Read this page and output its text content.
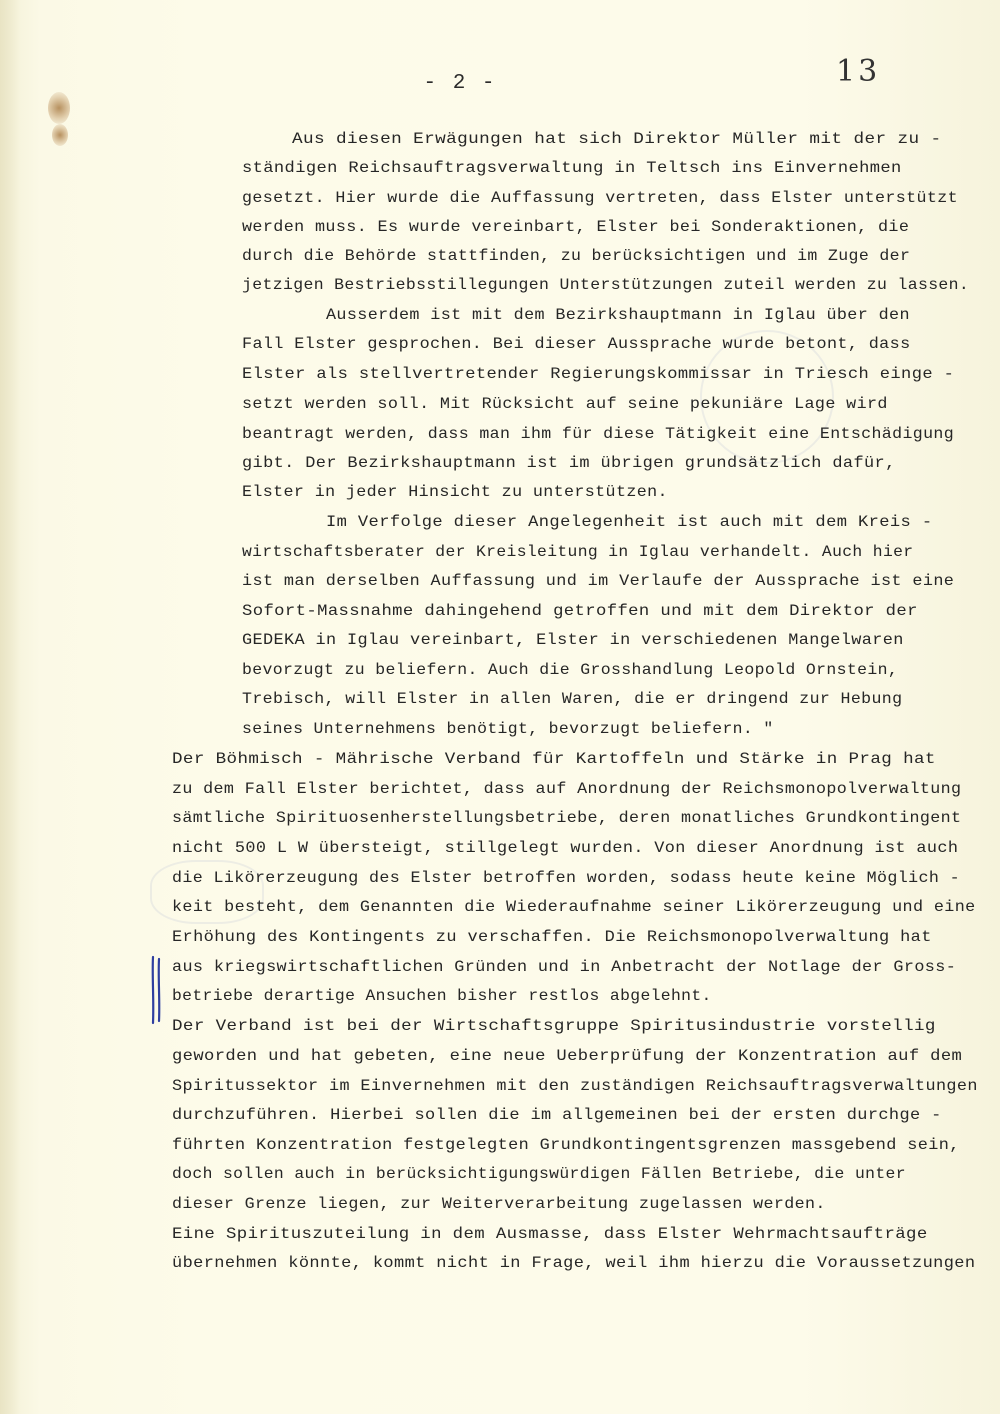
- 2 -	13
Aus diesen Erwägungen hat sich Direktor Müller mit der zu -
ständigen Reichsauftragsverwaltung in Teltsch ins Einvernehmen
gesetzt. Hier wurde die Auffassung vertreten, dass Elster unterstützt
werden muss. Es wurde vereinbart, Elster bei Sonderaktionen, die
durch die Behörde stattfinden, zu berücksichtigen und im Zuge der
jetzigen Bestriebsstillegungen Unterstützungen zuteil werden zu lassen.
Ausserdem ist mit dem Bezirkshauptmann in Iglau über den
Fall Elster gesprochen. Bei dieser Aussprache wurde betont, dass
Elster als stellvertretender Regierungskommissar in Triesch einge -
setzt werden soll. Mit Rücksicht auf seine pekuniäre Lage wird
beantragt werden, dass man ihm für diese Tätigkeit eine Entschädigung
gibt. Der Bezirkshauptmann ist im übrigen grundsätzlich dafür,
Elster in jeder Hinsicht zu unterstützen.
Im Verfolge dieser Angelegenheit ist auch mit dem Kreis -
wirtschaftsberater der Kreisleitung in Iglau verhandelt. Auch hier
ist man derselben Auffassung und im Verlaufe der Aussprache ist eine
Sofort-Massnahme dahingehend getroffen und mit dem Direktor der
GEDEKA in Iglau vereinbart, Elster in verschiedenen Mangelwaren
bevorzugt zu beliefern. Auch die Grosshandlung Leopold Ornstein,
Trebisch, will Elster in allen Waren, die er dringend zur Hebung
seines Unternehmens benötigt, bevorzugt beliefern. "
Der Böhmisch - Mährische Verband für Kartoffeln und Stärke in Prag hat
zu dem Fall Elster berichtet, dass auf Anordnung der Reichsmonopolverwaltung
sämtliche Spirituosenherstellungsbetriebe, deren monatliches Grundkontingent
nicht 500 L W übersteigt, stillgelegt wurden. Von dieser Anordnung ist auch
die Likörerzeugung des Elster betroffen worden, sodass heute keine Möglich -
keit besteht, dem Genannten die Wiederaufnahme seiner Likörerzeugung und eine
Erhöhung des Kontingents zu verschaffen. Die Reichsmonopolverwaltung hat
aus kriegswirtschaftlichen Gründen und in Anbetracht der Notlage der Gross-
betriebe derartige Ansuchen bisher restlos abgelehnt.
Der Verband ist bei der Wirtschaftsgruppe Spiritusindustrie vorstellig
geworden und hat gebeten, eine neue Ueberprüfung der Konzentration auf dem
Spiritussektor im Einvernehmen mit den zuständigen Reichsauftragsverwaltungen
durchzuführen. Hierbei sollen die im allgemeinen bei der ersten durchge -
führten Konzentration festgelegten Grundkontingentsgrenzen massgebend sein,
doch sollen auch in berücksichtigungswürdigen Fällen Betriebe, die unter
dieser Grenze liegen, zur Weiterverarbeitung zugelassen werden.
Eine Spirituszuteilung in dem Ausmasse, dass Elster Wehrmachtsaufträge
übernehmen könnte, kommt nicht in Frage, weil ihm hierzu die Voraussetzungen
